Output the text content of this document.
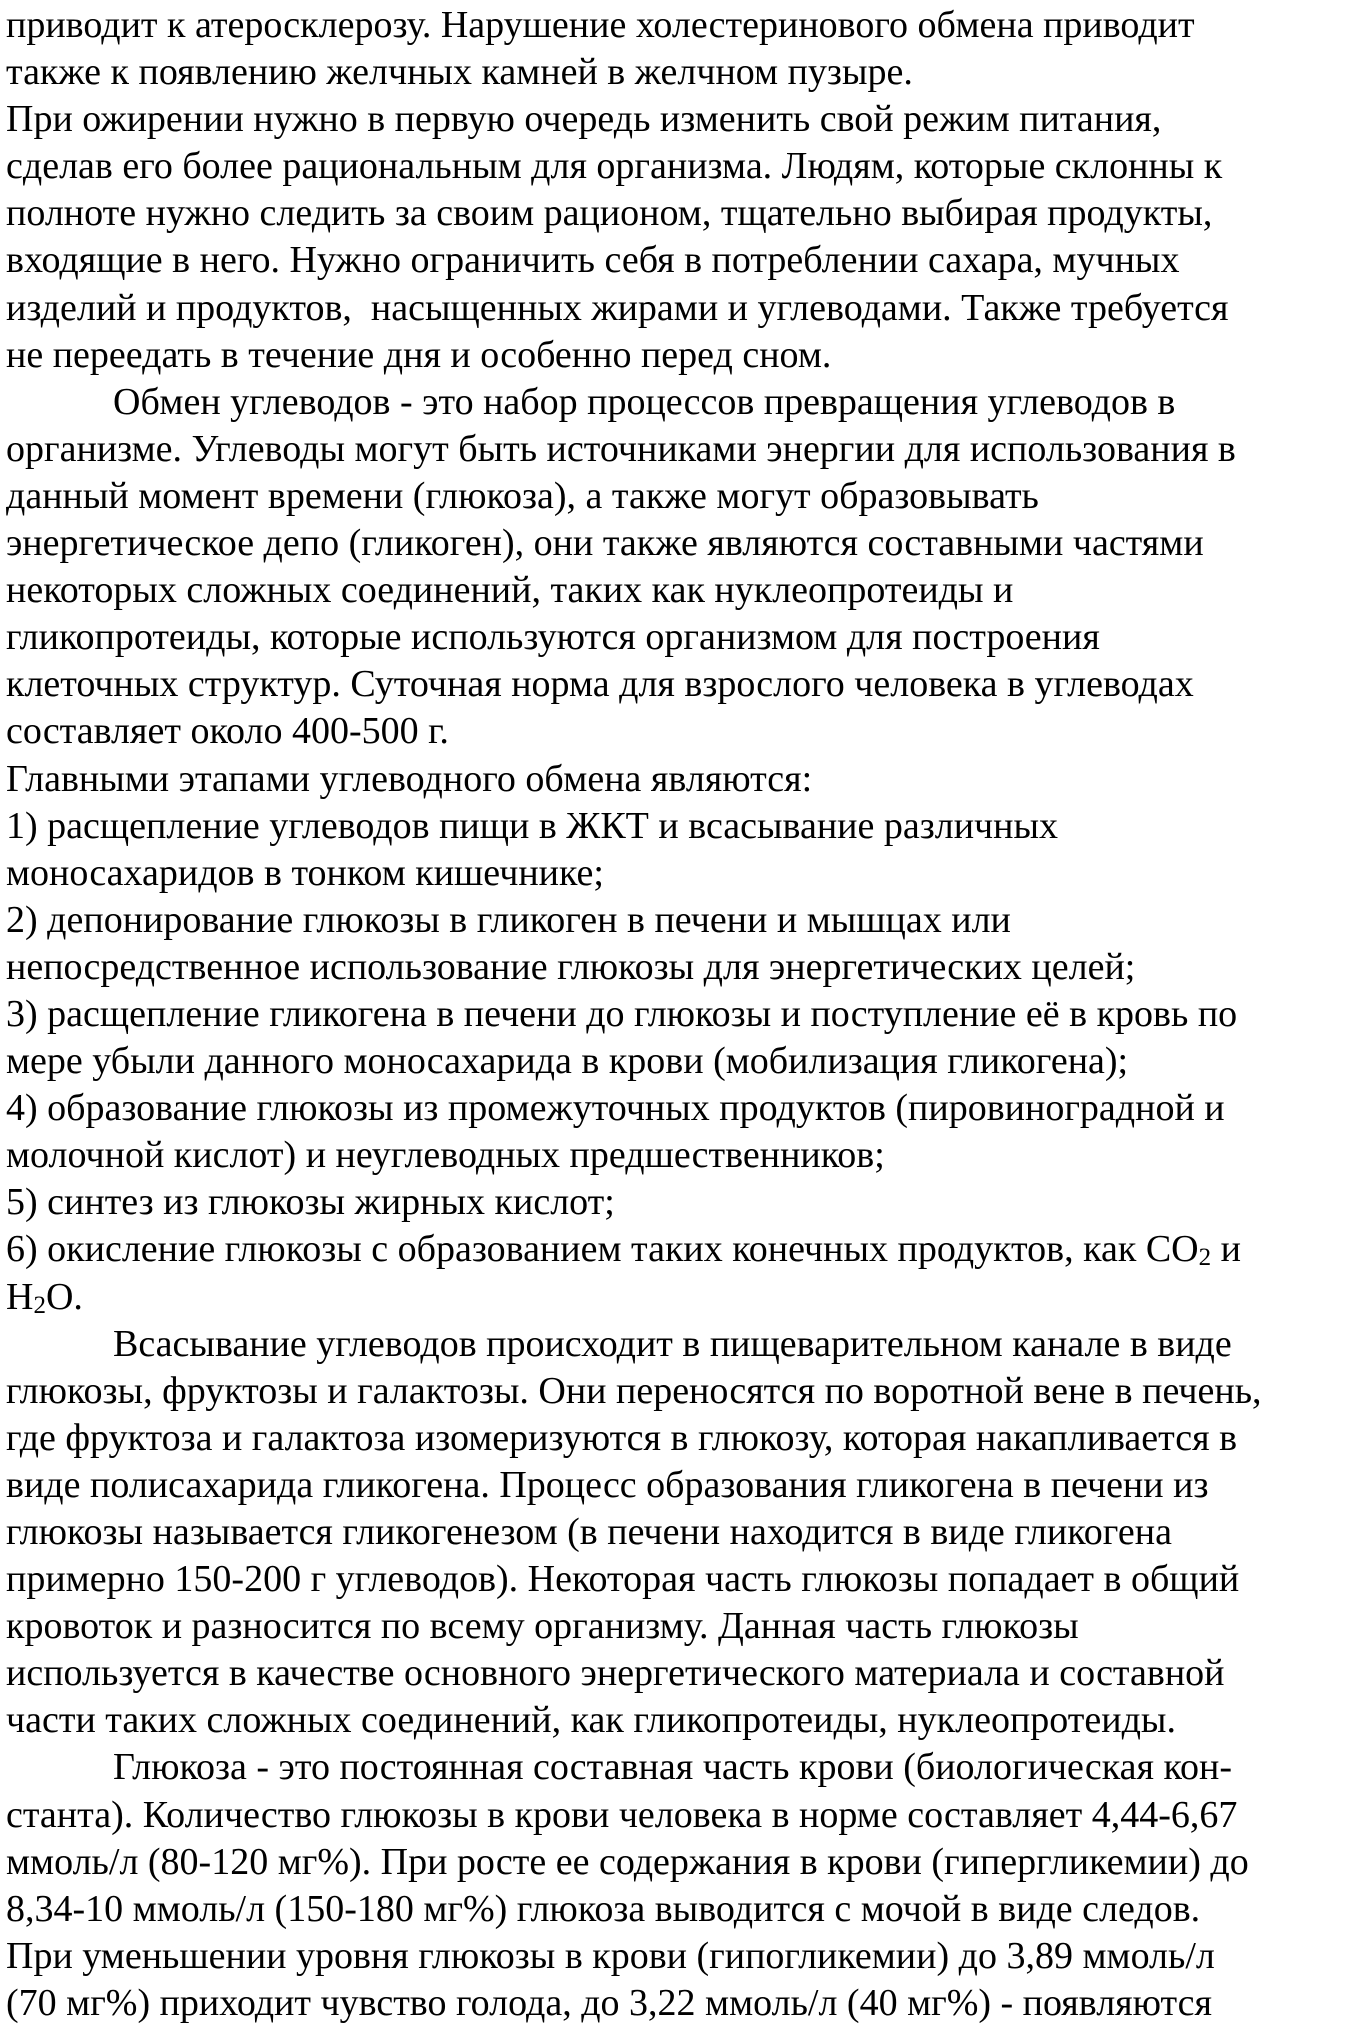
приводит к атеросклерозу. Нарушение холестеринового обмена приводит
также к появлению желчных камней в желчном пузыре.
При ожирении нужно в первую очередь изменить свой режим питания,
сделав его более рациональным для организма. Людям, которые склонны к
полноте нужно следить за своим рационом, тщательно выбирая продукты,
входящие в него. Нужно ограничить себя в потреблении сахара, мучных
изделий и продуктов,  насыщенных жирами и углеводами. Также требуется
не переедать в течение дня и особенно перед сном.
Обмен углеводов - это набор процессов превращения углеводов в
организме. Углеводы могут быть источниками энергии для использования в
данный момент времени (глюкоза), а также могут образовывать
энергетическое депо (гликоген), они также являются составными частями
некоторых сложных соединений, таких как нуклеопротеиды и
гликопротеиды, которые используются организмом для построения
клеточных структур. Суточная норма для взрослого человека в углеводах
составляет около 400-500 г.
Главными этапами углеводного обмена являются:
1) расщепление углеводов пищи в ЖКТ и всасывание различных
моносахаридов в тонком кишечнике;
2) депонирование глюкозы в гликоген в печени и мышцах или
непосредственное использование глюкозы для энергетических целей;
3) расщепление гликогена в печени до глюкозы и поступление её в кровь по
мере убыли данного моносахарида в крови (мобилизация гликогена);
4) образование глюкозы из промежуточных продуктов (пировиноградной и
молочной кислот) и неуглеводных предшественников;
5) синтез из глюкозы жирных кислот;
6) окисление глюкозы с образованием таких конечных продуктов, как CO2 и
H2O.
Всасывание углеводов происходит в пищеварительном канале в виде
глюкозы, фруктозы и галактозы. Они переносятся по воротной вене в печень,
где фруктоза и галактоза изомеризуются в глюкозу, которая накапливается в
виде полисахарида гликогена. Процесс образования гликогена в печени из
глюкозы называется гликогенезом (в печени находится в виде гликогена
примерно 150-200 г углеводов). Некоторая часть глюкозы попадает в общий
кровоток и разносится по всему организму. Данная часть глюкозы
используется в качестве основного энергетического материала и составной
части таких сложных соединений, как гликопротеиды, нуклеопротеиды.
Глюкоза - это постоянная составная часть крови (биологическая кон-
станта). Количество глюкозы в крови человека в норме составляет 4,44-6,67
ммоль/л (80-120 мг%). При росте ее содержания в крови (гипергликемии) до
8,34-10 ммоль/л (150-180 мг%) глюкоза выводится с мочой в виде следов.
При уменьшении уровня глюкозы в крови (гипогликемии) до 3,89 ммоль/л
(70 мг%) приходит чувство голода, до 3,22 ммоль/л (40 мг%) - появляются
